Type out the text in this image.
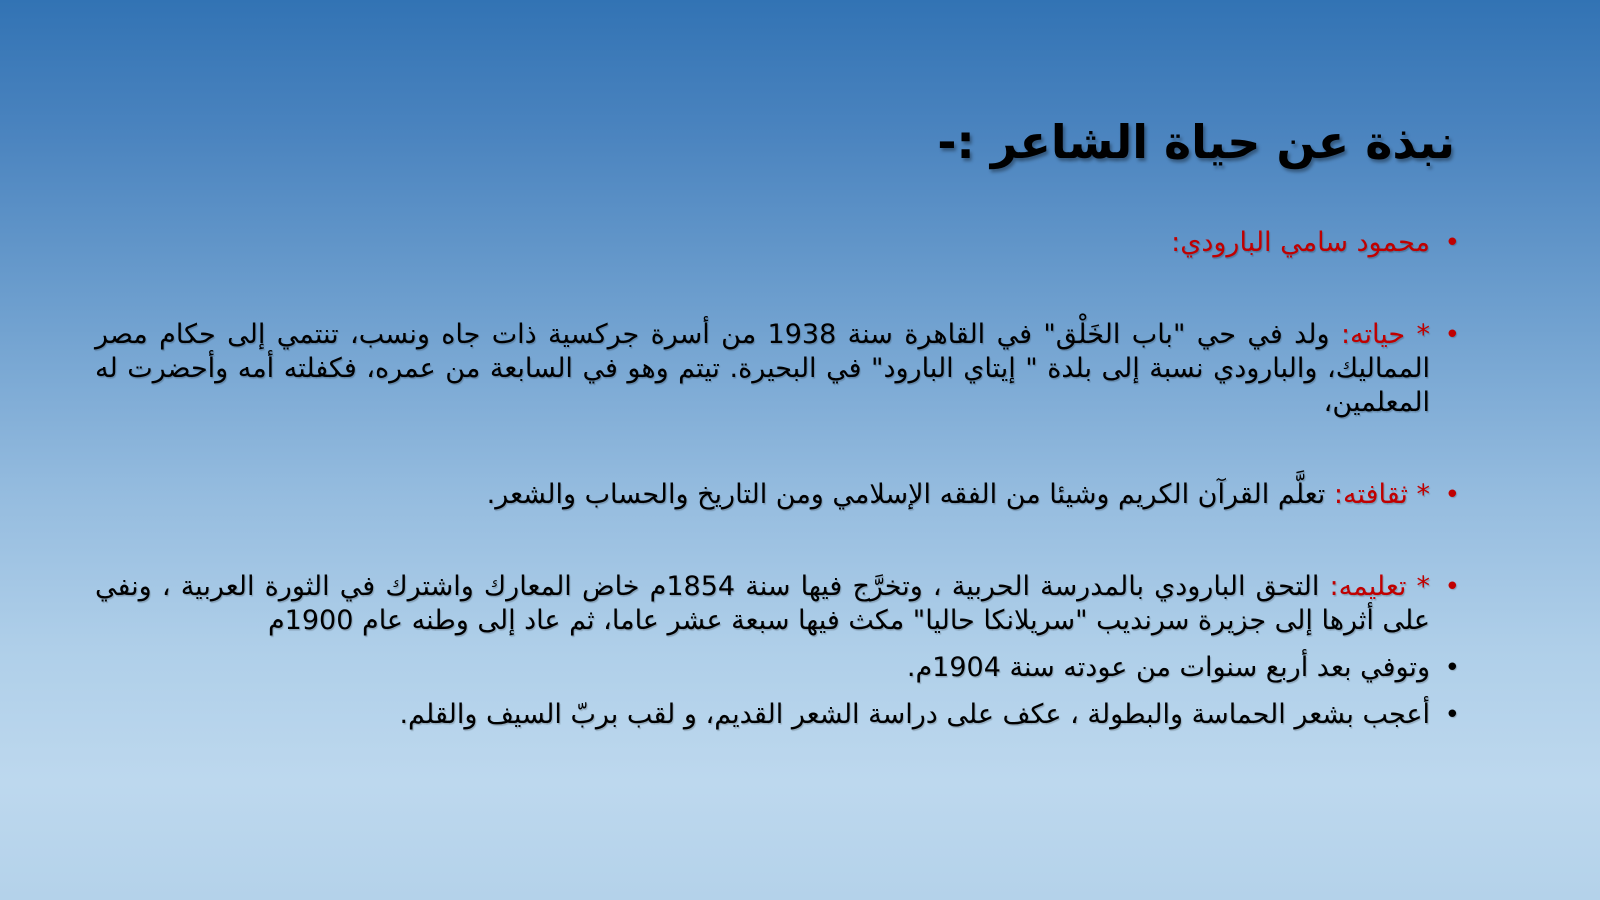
نبذة عن حياة الشاعر :-
•

محمود سامي البارودي:

•

* حياته: ولد في حي "باب الخَلْق" في القاهرة سنة 1938 من أسرة جركسية ذات جاه ونسب، تنتمي إلى حكام مصر المماليك، والبارودي نسبة إلى بلدة " إيتاي البارود" في البحيرة. تيتم وهو في السابعة من عمره، فكفلته أمه وأحضرت له المعلمين،

•

* ثقافته: تعلَّم القرآن الكريم وشيئا من الفقه الإسلامي ومن التاريخ والحساب والشعر.

•

* تعليمه: التحق البارودي بالمدرسة الحربية ، وتخرَّج فيها سنة 1854م خاض المعارك واشترك في الثورة العربية ، ونفي على أثرها إلى جزيرة سرنديب "سريلانكا حاليا" مكث فيها سبعة عشر عاما، ثم عاد إلى وطنه عام 1900م

•

وتوفي بعد أربع سنوات من عودته سنة 1904م.

•

أعجب بشعر الحماسة والبطولة ، عكف على دراسة الشعر القديم، و لقب بربّ السيف والقلم.
